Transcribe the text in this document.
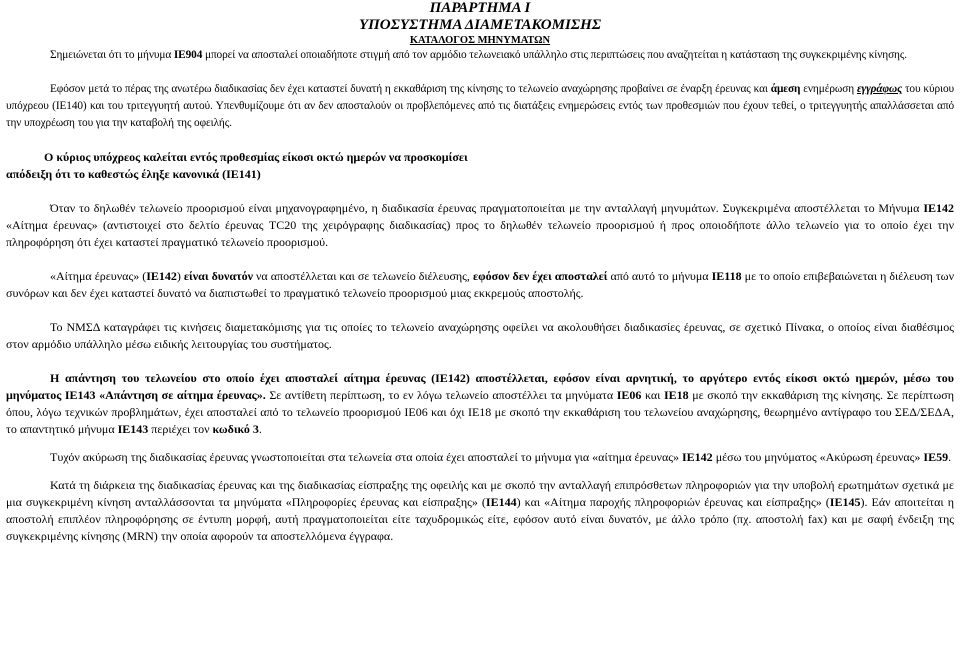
ΠΑΡΑΡΤΗΜΑ Ι
ΥΠΟΣΥΣΤΗΜΑ ΔΙΑΜΕΤΑΚΟΜΙΣΗΣ
ΚΑΤΑΛΟΓΟΣ ΜΗΝΥΜΑΤΩΝ

Σημειώνεται ότι το μήνυμα ΙΕ904 μπορεί να αποσταλεί οποιαδήποτε στιγμή από τον αρμόδιο τελωνειακό υπάλληλο στις περιπτώσεις που αναζητείται η κατάσταση της συγκεκριμένης κίνησης.

Εφόσον μετά το πέρας της ανωτέρω διαδικασίας δεν έχει καταστεί δυνατή η εκκαθάριση της κίνησης το τελωνείο αναχώρησης προβαίνει σε έναρξη έρευνας και άμεση ενημέρωση εγγράφως του κύριου υπόχρεου (ΙΕ140) και του τριτεγγυητή αυτού. Υπενθυμίζουμε ότι αν δεν αποσταλούν οι προβλεπόμενες από τις διατάξεις ενημερώσεις εντός των προθεσμιών που έχουν τεθεί, ο τριτεγγυητής απαλλάσσεται από την υποχρέωση του για την καταβολή της οφειλής.

Ο κύριος υπόχρεος καλείται εντός προθεσμίας είκοσι οκτώ ημερών να προσκομίσει
απόδειξη ότι το καθεστώς έληξε κανονικά (ΙΕ141)

Όταν το δηλωθέν τελωνείο προορισμού είναι μηχανογραφημένο, η διαδικασία έρευνας πραγματοποιείται με την ανταλλαγή μηνυμάτων. Συγκεκριμένα αποστέλλεται το Μήνυμα ΙΕ142 «Αίτημα έρευνας» (αντιστοιχεί στο δελτίο έρευνας TC20 της χειρόγραφης διαδικασίας) προς το δηλωθέν τελωνείο προορισμού ή προς οποιοδήποτε άλλο τελωνείο για το οποίο έχει την πληροφόρηση ότι έχει καταστεί πραγματικό τελωνείο προορισμού.

«Αίτημα έρευνας» (ΙΕ142) είναι δυνατόν να αποστέλλεται και σε τελωνείο διέλευσης, εφόσον δεν έχει αποσταλεί από αυτό το μήνυμα ΙΕ118 με το οποίο επιβεβαιώνεται η διέλευση των συνόρων και δεν έχει καταστεί δυνατό να διαπιστωθεί το πραγματικό τελωνείο προορισμού μιας εκκρεμούς αποστολής.

Το ΝΜΣΔ καταγράφει τις κινήσεις διαμετακόμισης για τις οποίες το τελωνείο αναχώρησης οφείλει να ακολουθήσει διαδικασίες έρευνας, σε σχετικό Πίνακα, ο οποίος είναι διαθέσιμος στον αρμόδιο υπάλληλο μέσω ειδικής λειτουργίας του συστήματος.

Η απάντηση του τελωνείου στο οποίο έχει αποσταλεί αίτημα έρευνας (ΙΕ142) αποστέλλεται, εφόσον είναι αρνητική, το αργότερο εντός είκοσι οκτώ ημερών, μέσω του μηνύματος ΙΕ143 «Απάντηση σε αίτημα έρευνας». Σε αντίθετη περίπτωση, το εν λόγω τελωνείο αποστέλλει τα μηνύματα ΙΕ06 και ΙΕ18 με σκοπό την εκκαθάριση της κίνησης. Σε περίπτωση όπου, λόγω τεχνικών προβλημάτων, έχει αποσταλεί από το τελωνείο προορισμού ΙΕ06 και όχι IE18 με σκοπό την εκκαθάριση του τελωνείου αναχώρησης, θεωρημένο αντίγραφο του ΣΕΔ/ΣΕΔΑ, το απαντητικό μήνυμα ΙΕ143 περιέχει τον κωδικό 3.

Τυχόν ακύρωση της διαδικασίας έρευνας γνωστοποιείται στα τελωνεία στα οποία έχει αποσταλεί το μήνυμα για «αίτημα έρευνας» ΙΕ142 μέσω του μηνύματος «Ακύρωση έρευνας» ΙΕ59.

Κατά τη διάρκεια της διαδικασίας έρευνας και της διαδικασίας είσπραξης της οφειλής και με σκοπό την ανταλλαγή επιπρόσθετων πληροφοριών για την υποβολή ερωτημάτων σχετικά με μια συγκεκριμένη κίνηση ανταλλάσσονται τα μηνύματα «Πληροφορίες έρευνας και είσπραξης» (ΙΕ144) και «Αίτημα παροχής πληροφοριών έρευνας και είσπραξης» (ΙΕ145). Εάν αποιτείται η αποστολή επιπλέον πληροφόρησης σε έντυπη μορφή, αυτή πραγματοποιείται είτε ταχυδρομικώς είτε, εφόσον αυτό είναι δυνατόν, με άλλο τρόπο (πχ. αποστολή fax) και με σαφή ένδειξη της συγκεκριμένης κίνησης (MRN) την οποία αφορούν τα αποστελλόμενα έγγραφα.
